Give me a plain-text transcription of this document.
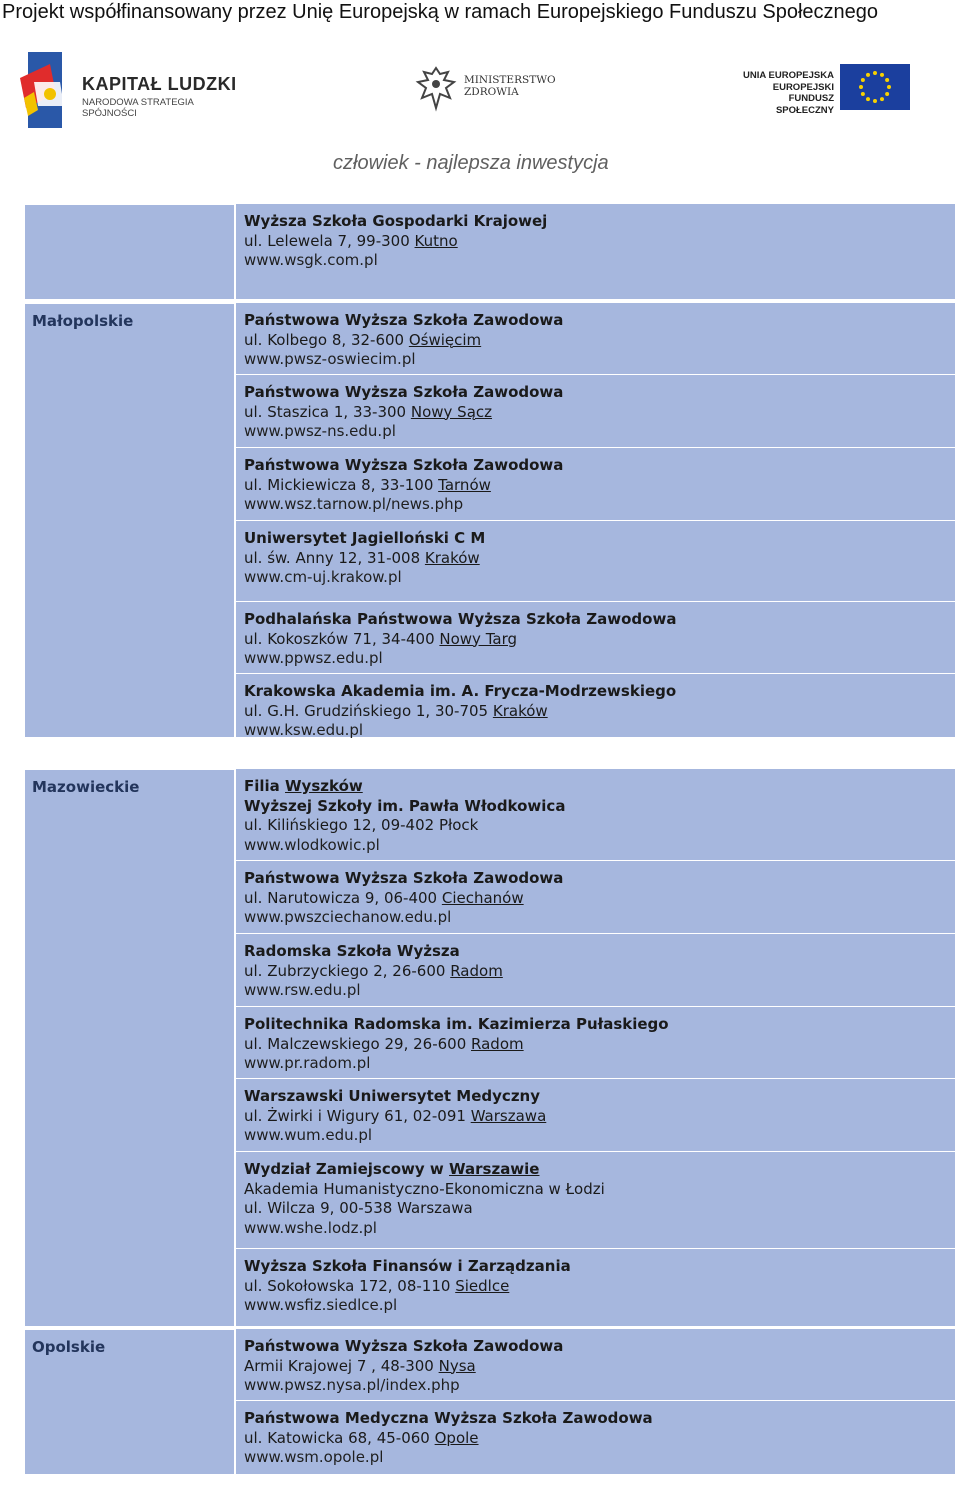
Projekt współfinansowany przez Unię Europejską w ramach Europejskiego Funduszu Społecznego
KAPITAŁ LUDZKI
NARODOWA STRATEGIA SPÓJNOŚCI
MINISTERSTWO
ZDROWIA
UNIA EUROPEJSKA
EUROPEJSKI
FUNDUSZ SPOŁECZNY
człowiek - najlepsza inwestycja
Wyższa Szkoła Gospodarki Krajowej
ul. Lelewela 7, 99-300 Kutno
www.wsgk.com.pl
Małopolskie	Państwowa Wyższa Szkoła Zawodowa
ul. Kolbego 8, 32-600 Oświęcim
www.pwsz-oswiecim.pl
Państwowa Wyższa Szkoła Zawodowa
ul. Staszica 1, 33-300 Nowy Sącz
www.pwsz-ns.edu.pl
Państwowa Wyższa Szkoła Zawodowa
ul. Mickiewicza 8, 33-100 Tarnów
www.wsz.tarnow.pl/news.php
Uniwersytet Jagielloński C M
ul. św. Anny 12, 31-008 Kraków
www.cm-uj.krakow.pl
Podhalańska Państwowa Wyższa Szkoła Zawodowa
ul. Kokoszków 71, 34-400 Nowy Targ
www.ppwsz.edu.pl
Krakowska Akademia im. A. Frycza-Modrzewskiego
ul. G.H. Grudzińskiego 1, 30-705 Kraków
www.ksw.edu.pl
Mazowieckie	Filia Wyszków
Wyższej Szkoły im. Pawła Włodkowica
ul. Kilińskiego 12, 09-402 Płock
www.wlodkowic.pl
Państwowa Wyższa Szkoła Zawodowa
ul. Narutowicza 9, 06-400 Ciechanów
www.pwszciechanow.edu.pl
Radomska Szkoła Wyższa
ul. Zubrzyckiego 2, 26-600 Radom
www.rsw.edu.pl
Politechnika Radomska im. Kazimierza Pułaskiego
ul. Malczewskiego 29, 26-600 Radom
www.pr.radom.pl
Warszawski Uniwersytet Medyczny
ul. Żwirki i Wigury 61, 02-091 Warszawa
www.wum.edu.pl
Wydział Zamiejscowy w Warszawie
Akademia Humanistyczno-Ekonomiczna w Łodzi
ul. Wilcza 9, 00-538 Warszawa
www.wshe.lodz.pl
Wyższa Szkoła Finansów i Zarządzania
ul. Sokołowska 172, 08-110 Siedlce
www.wsfiz.siedlce.pl
Opolskie	Państwowa Wyższa Szkoła Zawodowa
Armii Krajowej 7 , 48-300 Nysa
www.pwsz.nysa.pl/index.php
Państwowa Medyczna Wyższa Szkoła Zawodowa
ul. Katowicka 68, 45-060 Opole
www.wsm.opole.pl
